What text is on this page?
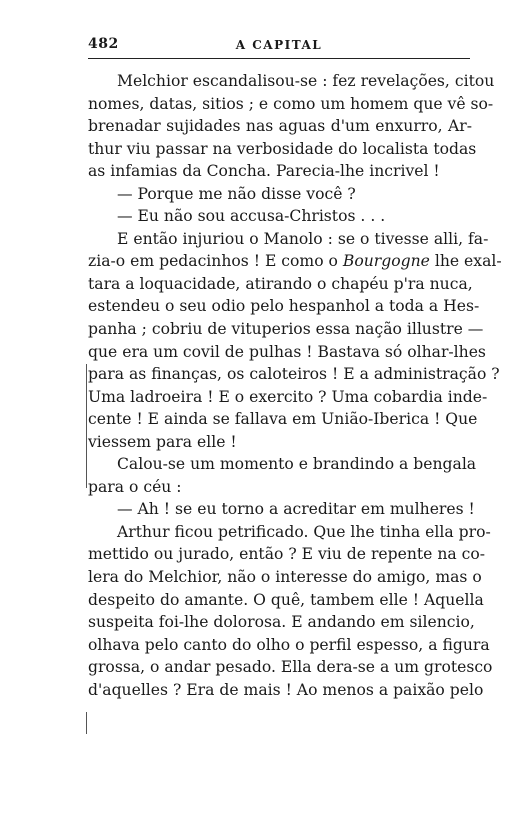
482	A CAPITAL
Melchior escandalisou-se : fez revelações, citou
nomes, datas, sitios ; e como um homem que vê so-
brenadar sujidades nas aguas d'um enxurro, Ar-
thur viu passar na verbosidade do localista todas
as infamias da Concha. Parecia-lhe incrivel !
— Porque me não disse você ?
— Eu não sou accusa-Christos . . .
E então injuriou o Manolo : se o tivesse alli, fa-
zia-o em pedacinhos ! E como o Bourgogne lhe exal-
tara a loquacidade, atirando o chapéu p'ra nuca,
estendeu o seu odio pelo hespanhol a toda a Hes-
panha ; cobriu de vituperios essa nação illustre —
que era um covil de pulhas ! Bastava só olhar-lhes
para as finanças, os caloteiros ! E a administração ?
Uma ladroeira ! E o exercito ? Uma cobardia inde-
cente ! E ainda se fallava em União-Iberica ! Que
viessem para elle !
Calou-se um momento e brandindo a bengala
para o céu :
— Ah ! se eu torno a acreditar em mulheres !
Arthur ficou petrificado. Que lhe tinha ella pro-
mettido ou jurado, então ? E viu de repente na co-
lera do Melchior, não o interesse do amigo, mas o
despeito do amante. O quê, tambem elle ! Aquella
suspeita foi-lhe dolorosa. E andando em silencio,
olhava pelo canto do olho o perfil espesso, a figura
grossa, o andar pesado. Ella dera-se a um grotesco
d'aquelles ? Era de mais ! Ao menos a paixão pelo
